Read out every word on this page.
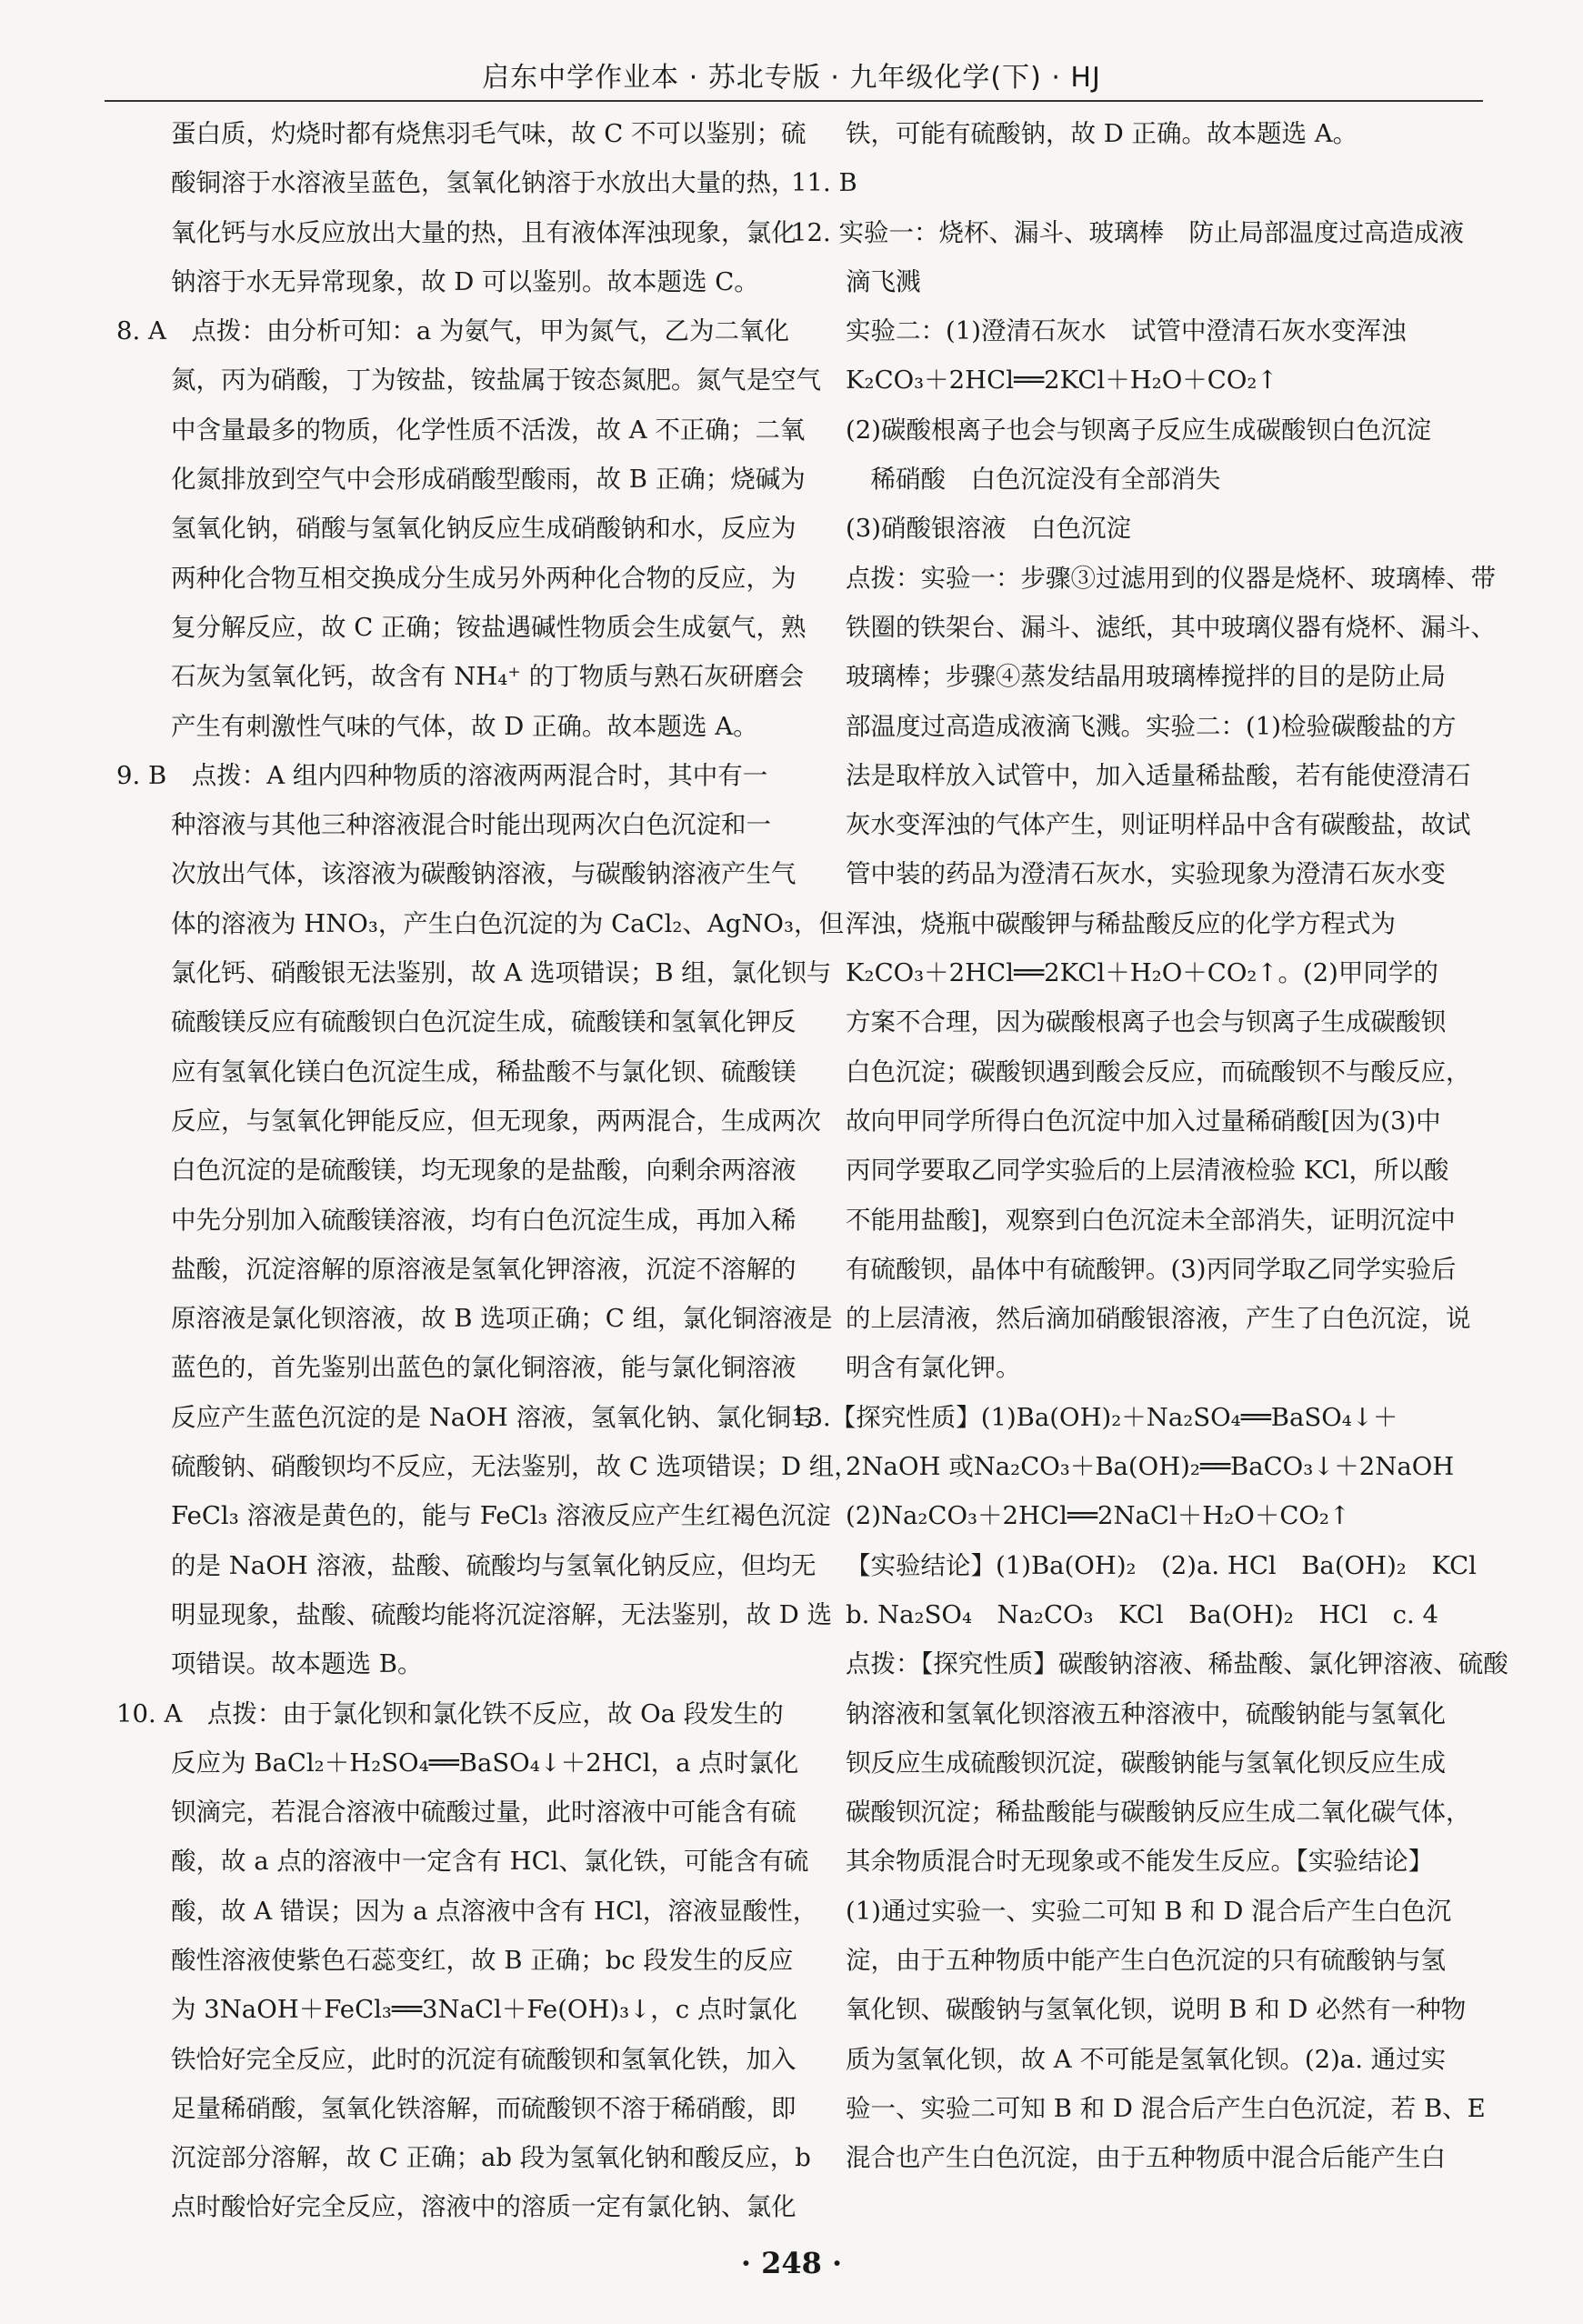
启东中学作业本 · 苏北专版 · 九年级化学(下) · HJ
蛋白质，灼烧时都有烧焦羽毛气味，故 C 不可以鉴别；硫
酸铜溶于水溶液呈蓝色，氢氧化钠溶于水放出大量的热，
氧化钙与水反应放出大量的热，且有液体浑浊现象，氯化
钠溶于水无异常现象，故 D 可以鉴别。故本题选 C。
8. A　点拨：由分析可知：a 为氨气，甲为氮气，乙为二氧化
氮，丙为硝酸，丁为铵盐，铵盐属于铵态氮肥。氮气是空气
中含量最多的物质，化学性质不活泼，故 A 不正确；二氧
化氮排放到空气中会形成硝酸型酸雨，故 B 正确；烧碱为
氢氧化钠，硝酸与氢氧化钠反应生成硝酸钠和水，反应为
两种化合物互相交换成分生成另外两种化合物的反应，为
复分解反应，故 C 正确；铵盐遇碱性物质会生成氨气，熟
石灰为氢氧化钙，故含有 NH₄⁺ 的丁物质与熟石灰研磨会
产生有刺激性气味的气体，故 D 正确。故本题选 A。
9. B　点拨：A 组内四种物质的溶液两两混合时，其中有一
种溶液与其他三种溶液混合时能出现两次白色沉淀和一
次放出气体，该溶液为碳酸钠溶液，与碳酸钠溶液产生气
体的溶液为 HNO₃，产生白色沉淀的为 CaCl₂、AgNO₃，但
氯化钙、硝酸银无法鉴别，故 A 选项错误；B 组，氯化钡与
硫酸镁反应有硫酸钡白色沉淀生成，硫酸镁和氢氧化钾反
应有氢氧化镁白色沉淀生成，稀盐酸不与氯化钡、硫酸镁
反应，与氢氧化钾能反应，但无现象，两两混合，生成两次
白色沉淀的是硫酸镁，均无现象的是盐酸，向剩余两溶液
中先分别加入硫酸镁溶液，均有白色沉淀生成，再加入稀
盐酸，沉淀溶解的原溶液是氢氧化钾溶液，沉淀不溶解的
原溶液是氯化钡溶液，故 B 选项正确；C 组，氯化铜溶液是
蓝色的，首先鉴别出蓝色的氯化铜溶液，能与氯化铜溶液
反应产生蓝色沉淀的是 NaOH 溶液，氢氧化钠、氯化铜与
硫酸钠、硝酸钡均不反应，无法鉴别，故 C 选项错误；D 组，
FeCl₃ 溶液是黄色的，能与 FeCl₃ 溶液反应产生红褐色沉淀
的是 NaOH 溶液，盐酸、硫酸均与氢氧化钠反应，但均无
明显现象，盐酸、硫酸均能将沉淀溶解，无法鉴别，故 D 选
项错误。故本题选 B。
10. A　点拨：由于氯化钡和氯化铁不反应，故 Oa 段发生的
反应为 BaCl₂＋H₂SO₄══BaSO₄↓＋2HCl，a 点时氯化
钡滴完，若混合溶液中硫酸过量，此时溶液中可能含有硫
酸，故 a 点的溶液中一定含有 HCl、氯化铁，可能含有硫
酸，故 A 错误；因为 a 点溶液中含有 HCl，溶液显酸性，
酸性溶液使紫色石蕊变红，故 B 正确；bc 段发生的反应
为 3NaOH＋FeCl₃══3NaCl＋Fe(OH)₃↓，c 点时氯化
铁恰好完全反应，此时的沉淀有硫酸钡和氢氧化铁，加入
足量稀硝酸，氢氧化铁溶解，而硫酸钡不溶于稀硝酸，即
沉淀部分溶解，故 C 正确；ab 段为氢氧化钠和酸反应，b
点时酸恰好完全反应，溶液中的溶质一定有氯化钠、氯化
铁，可能有硫酸钠，故 D 正确。故本题选 A。
11. B
12. 实验一：烧杯、漏斗、玻璃棒　防止局部温度过高造成液
滴飞溅
实验二：(1)澄清石灰水　试管中澄清石灰水变浑浊
K₂CO₃＋2HCl══2KCl＋H₂O＋CO₂↑
(2)碳酸根离子也会与钡离子反应生成碳酸钡白色沉淀
　稀硝酸　白色沉淀没有全部消失
(3)硝酸银溶液　白色沉淀
点拨：实验一：步骤③过滤用到的仪器是烧杯、玻璃棒、带
铁圈的铁架台、漏斗、滤纸，其中玻璃仪器有烧杯、漏斗、
玻璃棒；步骤④蒸发结晶用玻璃棒搅拌的目的是防止局
部温度过高造成液滴飞溅。实验二：(1)检验碳酸盐的方
法是取样放入试管中，加入适量稀盐酸，若有能使澄清石
灰水变浑浊的气体产生，则证明样品中含有碳酸盐，故试
管中装的药品为澄清石灰水，实验现象为澄清石灰水变
浑浊，烧瓶中碳酸钾与稀盐酸反应的化学方程式为
K₂CO₃＋2HCl══2KCl＋H₂O＋CO₂↑。(2)甲同学的
方案不合理，因为碳酸根离子也会与钡离子生成碳酸钡
白色沉淀；碳酸钡遇到酸会反应，而硫酸钡不与酸反应，
故向甲同学所得白色沉淀中加入过量稀硝酸[因为(3)中
丙同学要取乙同学实验后的上层清液检验 KCl，所以酸
不能用盐酸]，观察到白色沉淀未全部消失，证明沉淀中
有硫酸钡，晶体中有硫酸钾。(3)丙同学取乙同学实验后
的上层清液，然后滴加硝酸银溶液，产生了白色沉淀，说
明含有氯化钾。
13.【探究性质】(1)Ba(OH)₂＋Na₂SO₄══BaSO₄↓＋
2NaOH 或Na₂CO₃＋Ba(OH)₂══BaCO₃↓＋2NaOH
(2)Na₂CO₃＋2HCl══2NaCl＋H₂O＋CO₂↑
【实验结论】(1)Ba(OH)₂　(2)a. HCl　Ba(OH)₂　KCl
b. Na₂SO₄　Na₂CO₃　KCl　Ba(OH)₂　HCl　c. 4
点拨：【探究性质】碳酸钠溶液、稀盐酸、氯化钾溶液、硫酸
钠溶液和氢氧化钡溶液五种溶液中，硫酸钠能与氢氧化
钡反应生成硫酸钡沉淀，碳酸钠能与氢氧化钡反应生成
碳酸钡沉淀；稀盐酸能与碳酸钠反应生成二氧化碳气体，
其余物质混合时无现象或不能发生反应。【实验结论】
(1)通过实验一、实验二可知 B 和 D 混合后产生白色沉
淀，由于五种物质中能产生白色沉淀的只有硫酸钠与氢
氧化钡、碳酸钠与氢氧化钡，说明 B 和 D 必然有一种物
质为氢氧化钡，故 A 不可能是氢氧化钡。(2)a. 通过实
验一、实验二可知 B 和 D 混合后产生白色沉淀，若 B、E
混合也产生白色沉淀，由于五种物质中混合后能产生白
· 248 ·
